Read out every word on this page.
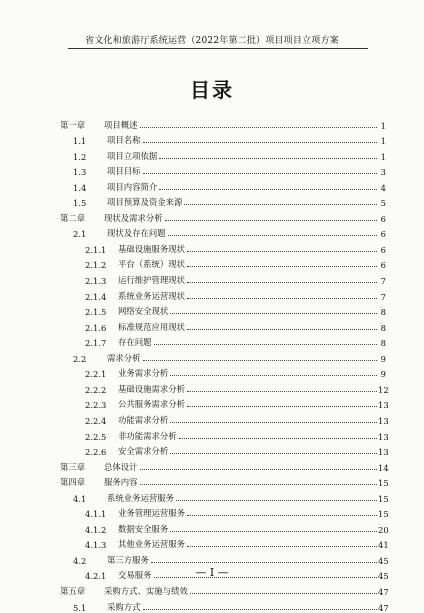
省文化和旅游厅系统运营（2022年第二批）项目项目立项方案
目录
第一章	项目概述	1
1.1	项目名称	1
1.2	项目立项依据	1
1.3	项目目标	3
1.4	项目内容简介	4
1.5	项目预算及资金来源	5
第二章	现状及需求分析	6
2.1	现状及存在问题	6
2.1.1	基础设施服务现状	6
2.1.2	平台（系统）现状	6
2.1.3	运行维护管理现状	7
2.1.4	系统业务运营现状	7
2.1.5	网络安全现状	8
2.1.6	标准规范应用现状	8
2.1.7	存在问题	8
2.2	需求分析	9
2.2.1	业务需求分析	9
2.2.2	基础设施需求分析	12
2.2.3	公共服务需求分析	13
2.2.4	功能需求分析	13
2.2.5	非功能需求分析	13
2.2.6	安全需求分析	13
第三章	总体设计	14
第四章	服务内容	15
4.1	系统业务运营服务	15
4.1.1	业务管理运营服务	15
4.1.2	数据安全服务	20
4.1.3	其他业务运营服务	41
4.2	第三方服务	45
4.2.1	交易服务	45
第五章	采购方式、实施与绩效	47
5.1	采购方式	47
— I —
